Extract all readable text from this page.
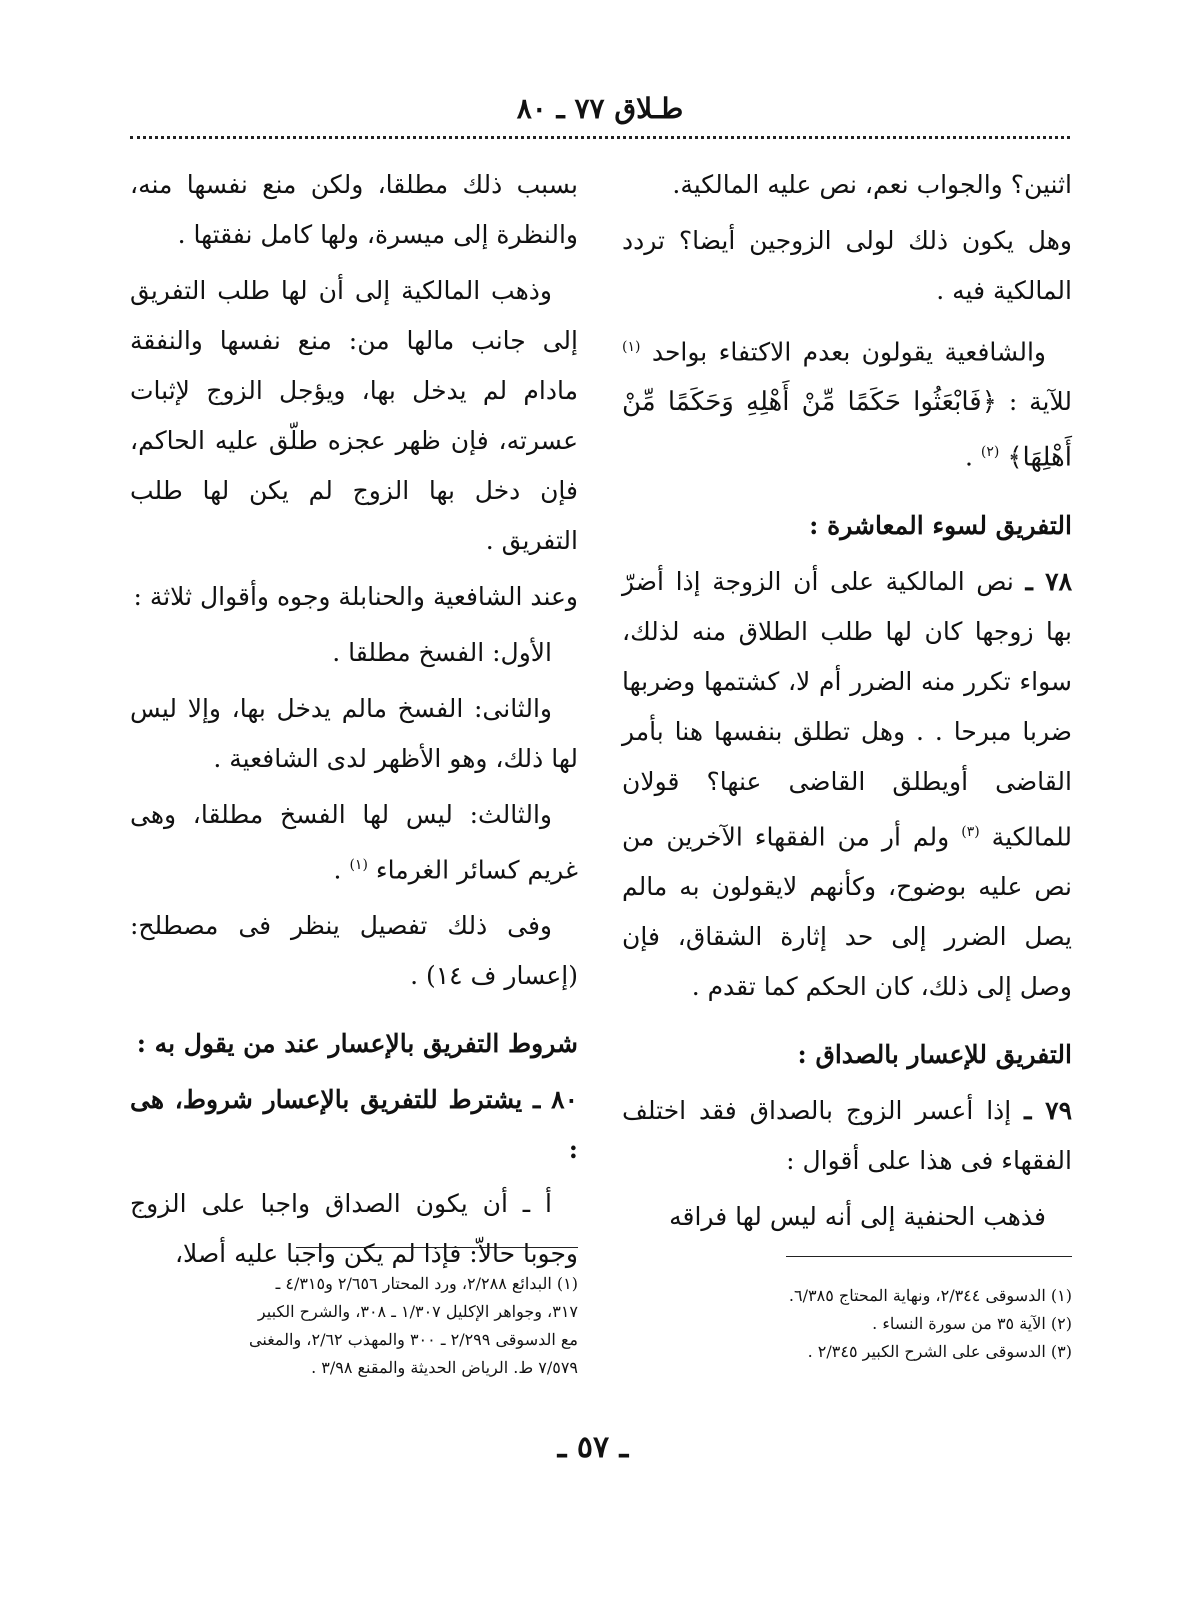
طـلاق ٧٧ ـ ٨٠

اثنين؟ والجواب نعم، نص عليه المالكية.

وهل يكون ذلك لولى الزوجين أيضا؟ تردد المالكية فيه .

والشافعية يقولون بعدم الاكتفاء بواحد $^{(١)}$ للآية : ﴿فَابْعَثُوا حَكَمًا مِّنْ أَهْلِهِ وَحَكَمًا مِّنْ أَهْلِهَا﴾ $^{(٢)}$ .

التفريق لسوء المعاشرة :

٧٨ ـ نص المالكية على أن الزوجة إذا أضرّ بها زوجها كان لها طلب الطلاق منه لذلك، سواء تكرر منه الضرر أم لا، كشتمها وضربها ضربا مبرحا . . وهل تطلق بنفسها هنا بأمر القاضى أويطلق القاضى عنها؟ قولان للمالكية $^{(٣)}$ ولم أر من الفقهاء الآخرين من نص عليه بوضوح، وكأنهم لايقولون به مالم يصل الضرر إلى حد إثارة الشقاق، فإن وصل إلى ذلك، كان الحكم كما تقدم .

التفريق للإعسار بالصداق :

٧٩ ـ إذا أعسر الزوج بالصداق فقد اختلف الفقهاء فى هذا على أقوال :

فذهب الحنفية إلى أنه ليس لها فراقه

بسبب ذلك مطلقا، ولكن منع نفسها منه، والنظرة إلى ميسرة، ولها كامل نفقتها .

وذهب المالكية إلى أن لها طلب التفريق إلى جانب مالها من: منع نفسها والنفقة مادام لم يدخل بها، ويؤجل الزوج لإثبات عسرته، فإن ظهر عجزه طلّق عليه الحاكم، فإن دخل بها الزوج لم يكن لها طلب التفريق .

وعند الشافعية والحنابلة وجوه وأقوال ثلاثة :

الأول: الفسخ مطلقا .

والثانى: الفسخ مالم يدخل بها، وإلا ليس لها ذلك، وهو الأظهر لدى الشافعية .

والثالث: ليس لها الفسخ مطلقا، وهى غريم كسائر الغرماء $^{(١)}$ .

وفى ذلك تفصيل ينظر فى مصطلح: (إعسار ف ١٤) .

شروط التفريق بالإعسار عند من يقول به :

٨٠ ـ يشترط للتفريق بالإعسار شروط، هى :

أ ـ أن يكون الصداق واجبا على الزوج وجوبا حالاّ: فإذا لم يكن واجبا عليه أصلا،

(١) الدسوقى ٢/٣٤٤، ونهاية المحتاج ٦/٣٨٥.
(٢) الآية ٣٥ من سورة النساء .
(٣) الدسوقى على الشرح الكبير ٢/٣٤٥ .
(١) البدائع ٢/٢٨٨، ورد المحتار ٢/٦٥٦ و٤/٣١٥ ـ
٣١٧، وجواهر الإكليل ١/٣٠٧ ـ ٣٠٨، والشرح الكبير
مع الدسوقى ٢/٢٩٩ ـ ٣٠٠ والمهذب ٢/٦٢، والمغنى
٧/٥٧٩ ط. الرياض الحديثة والمقنع ٣/٩٨ .
ـ ٥٧ ـ
